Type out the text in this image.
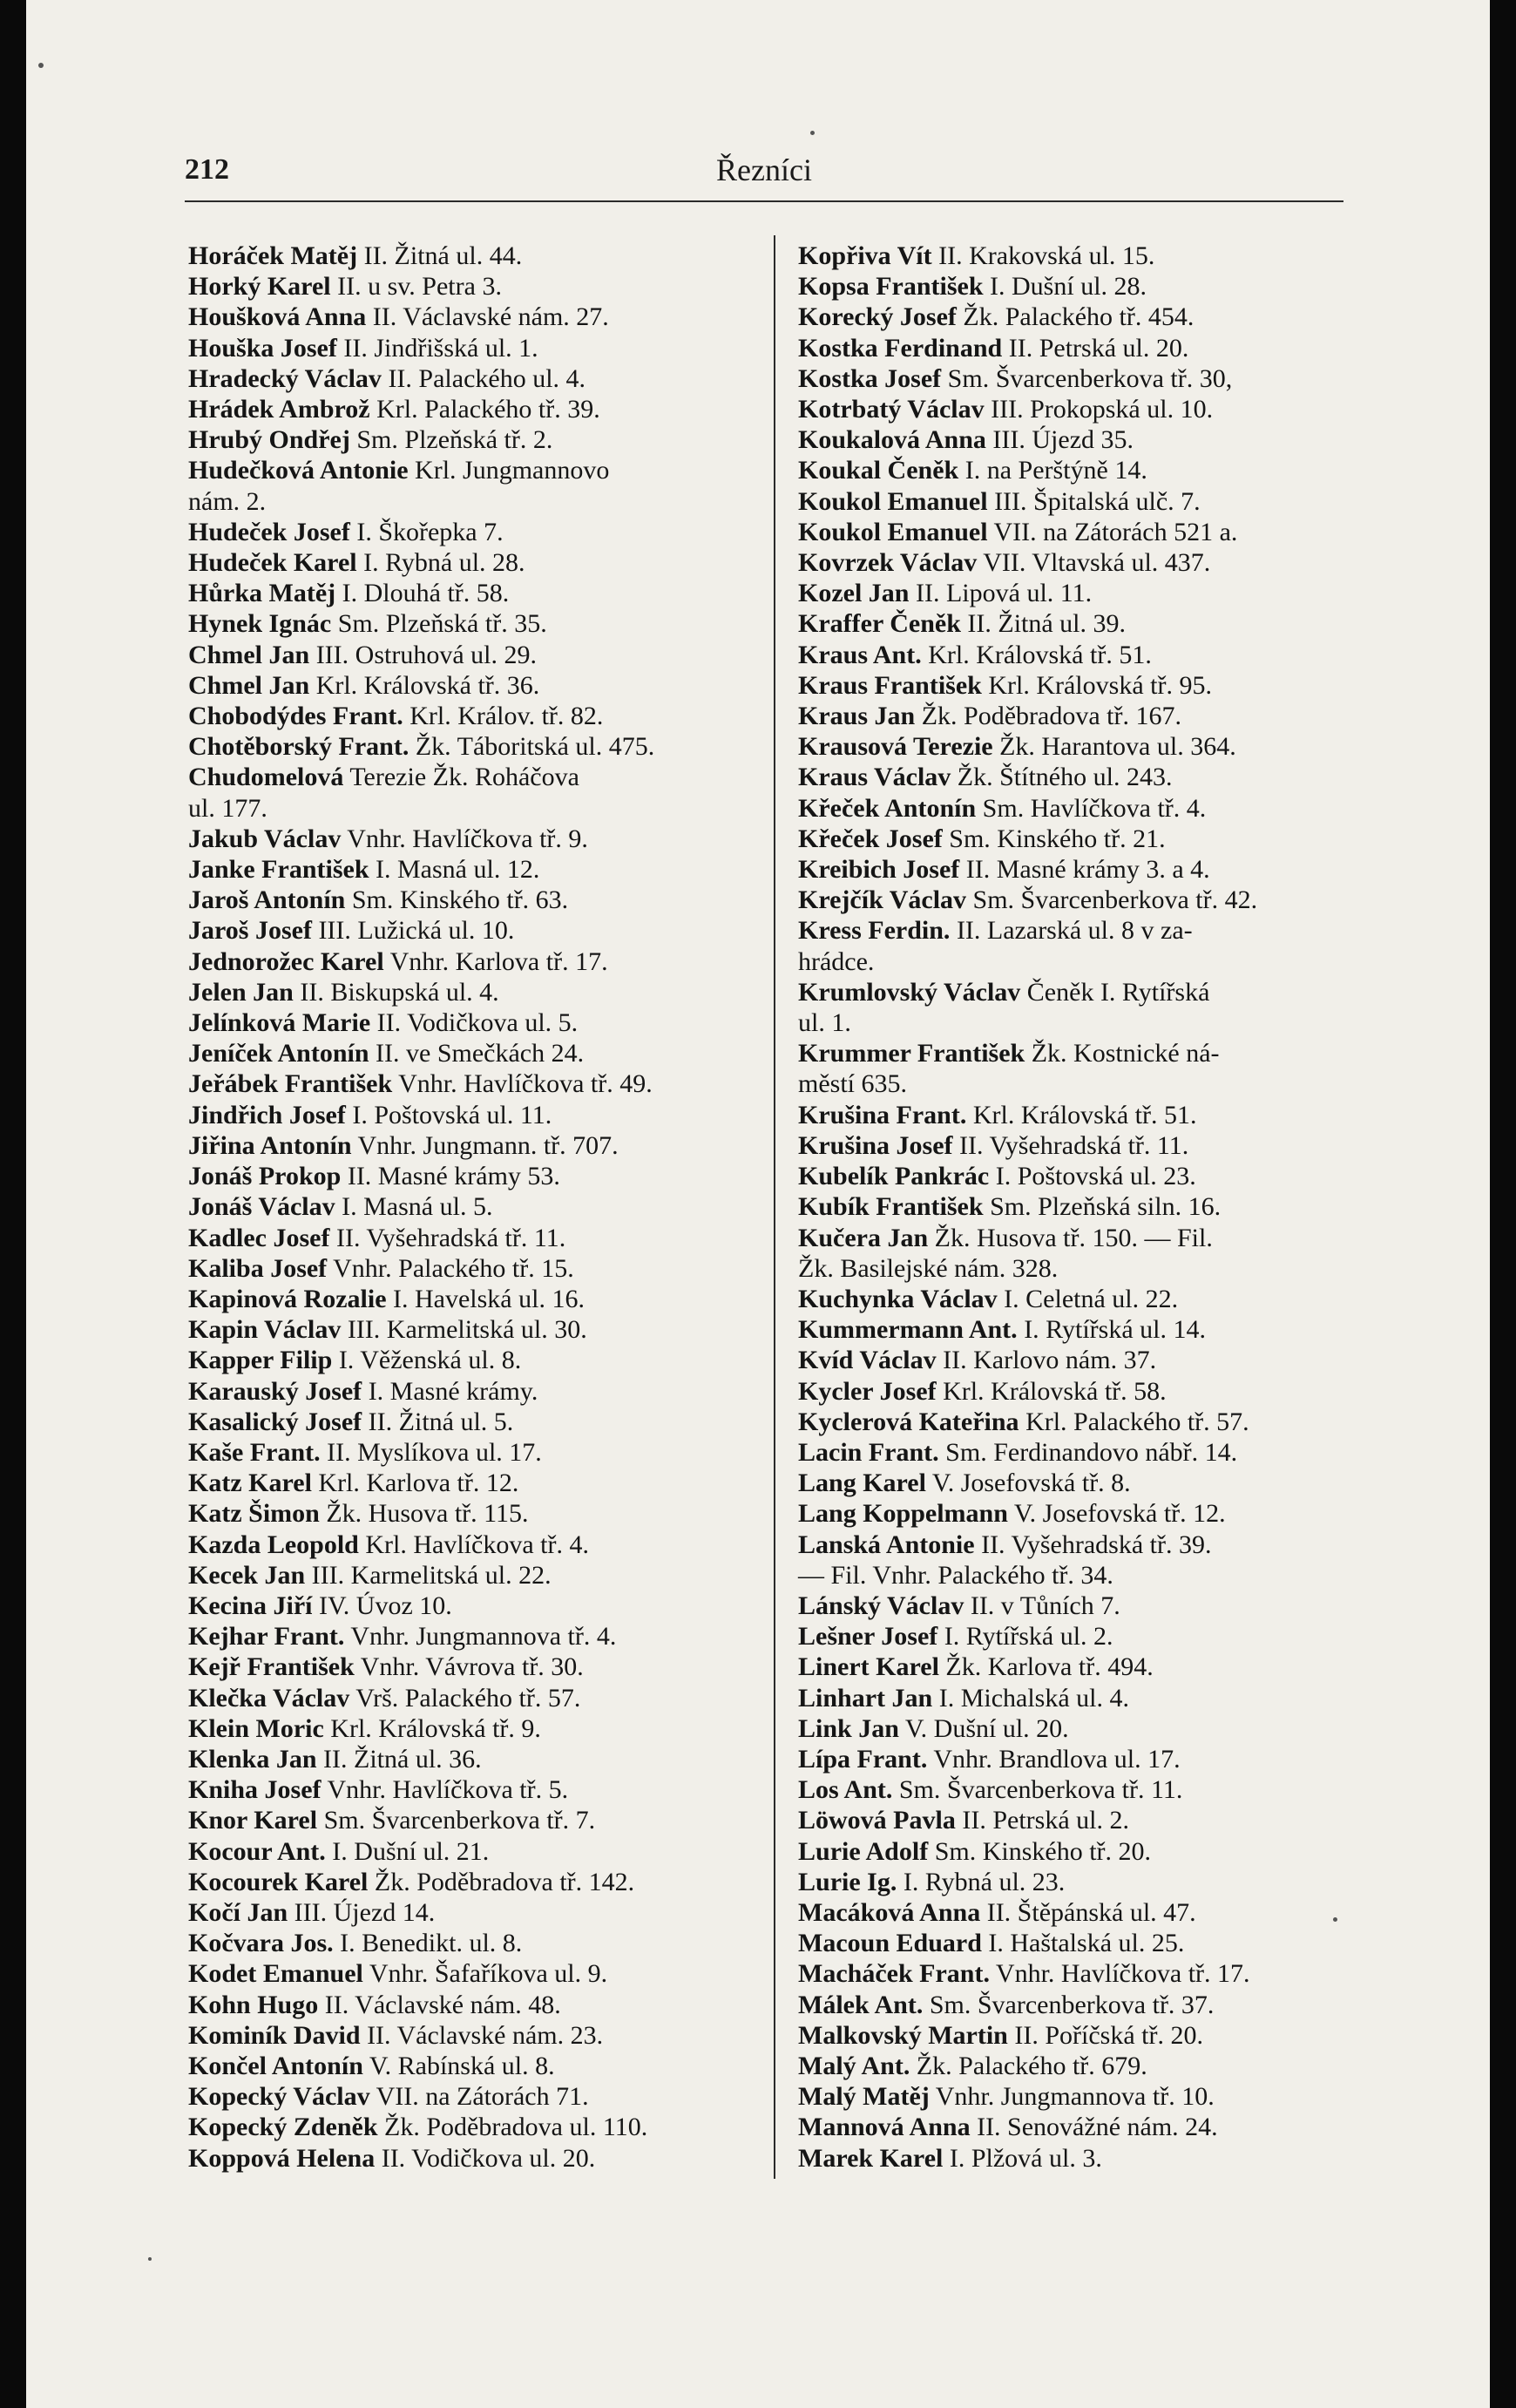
212	Řezníci
Horáček Matěj II. Žitná ul. 44.
Horký Karel II. u sv. Petra 3.
Houšková Anna II. Václavské nám. 27.
Houška Josef II. Jindřišská ul. 1.
Hradecký Václav II. Palackého ul. 4.
Hrádek Ambrož Krl. Palackého tř. 39.
Hrubý Ondřej Sm. Plzeňská tř. 2.
Hudečková Antonie Krl. Jungmannovo
nám. 2.
Hudeček Josef I. Škořepka 7.
Hudeček Karel I. Rybná ul. 28.
Hůrka Matěj I. Dlouhá tř. 58.
Hynek Ignác Sm. Plzeňská tř. 35.
Chmel Jan III. Ostruhová ul. 29.
Chmel Jan Krl. Královská tř. 36.
Chobodýdes Frant. Krl. Králov. tř. 82.
Chotěborský Frant. Žk. Táboritská ul. 475.
Chudomelová Terezie Žk. Roháčova
ul. 177.
Jakub Václav Vnhr. Havlíčkova tř. 9.
Janke František I. Masná ul. 12.
Jaroš Antonín Sm. Kinského tř. 63.
Jaroš Josef III. Lužická ul. 10.
Jednorožec Karel Vnhr. Karlova tř. 17.
Jelen Jan II. Biskupská ul. 4.
Jelínková Marie II. Vodičkova ul. 5.
Jeníček Antonín II. ve Smečkách 24.
Jeřábek František Vnhr. Havlíčkova tř. 49.
Jindřich Josef I. Poštovská ul. 11.
Jiřina Antonín Vnhr. Jungmann. tř. 707.
Jonáš Prokop II. Masné krámy 53.
Jonáš Václav I. Masná ul. 5.
Kadlec Josef II. Vyšehradská tř. 11.
Kaliba Josef Vnhr. Palackého tř. 15.
Kapinová Rozalie I. Havelská ul. 16.
Kapin Václav III. Karmelitská ul. 30.
Kapper Filip I. Věženská ul. 8.
Karauský Josef I. Masné krámy.
Kasalický Josef II. Žitná ul. 5.
Kaše Frant. II. Myslíkova ul. 17.
Katz Karel Krl. Karlova tř. 12.
Katz Šimon Žk. Husova tř. 115.
Kazda Leopold Krl. Havlíčkova tř. 4.
Kecek Jan III. Karmelitská ul. 22.
Kecina Jiří IV. Úvoz 10.
Kejhar Frant. Vnhr. Jungmannova tř. 4.
Kejř František Vnhr. Vávrova tř. 30.
Klečka Václav Vrš. Palackého tř. 57.
Klein Moric Krl. Královská tř. 9.
Klenka Jan II. Žitná ul. 36.
Kniha Josef Vnhr. Havlíčkova tř. 5.
Knor Karel Sm. Švarcenberkova tř. 7.
Kocour Ant. I. Dušní ul. 21.
Kocourek Karel Žk. Poděbradova tř. 142.
Kočí Jan III. Újezd 14.
Kočvara Jos. I. Benedikt. ul. 8.
Kodet Emanuel Vnhr. Šafaříkova ul. 9.
Kohn Hugo II. Václavské nám. 48.
Kominík David II. Václavské nám. 23.
Končel Antonín V. Rabínská ul. 8.
Kopecký Václav VII. na Zátorách 71.
Kopecký Zdeněk Žk. Poděbradova ul. 110.
Koppová Helena II. Vodičkova ul. 20.
Kopřiva Vít II. Krakovská ul. 15.
Kopsa František I. Dušní ul. 28.
Korecký Josef Žk. Palackého tř. 454.
Kostka Ferdinand II. Petrská ul. 20.
Kostka Josef Sm. Švarcenberkova tř. 30,
Kotrbatý Václav III. Prokopská ul. 10.
Koukalová Anna III. Újezd 35.
Koukal Čeněk I. na Perštýně 14.
Koukol Emanuel III. Špitalská ulč. 7.
Koukol Emanuel VII. na Zátorách 521 a.
Kovrzek Václav VII. Vltavská ul. 437.
Kozel Jan II. Lipová ul. 11.
Kraffer Čeněk II. Žitná ul. 39.
Kraus Ant. Krl. Královská tř. 51.
Kraus František Krl. Královská tř. 95.
Kraus Jan Žk. Poděbradova tř. 167.
Krausová Terezie Žk. Harantova ul. 364.
Kraus Václav Žk. Štítného ul. 243.
Křeček Antonín Sm. Havlíčkova tř. 4.
Křeček Josef Sm. Kinského tř. 21.
Kreibich Josef II. Masné krámy 3. a 4.
Krejčík Václav Sm. Švarcenberkova tř. 42.
Kress Ferdin. II. Lazarská ul. 8 v za-
hrádce.
Krumlovský Václav Čeněk I. Rytířská
ul. 1.
Krummer František Žk. Kostnické ná-
městí 635.
Krušina Frant. Krl. Královská tř. 51.
Krušina Josef II. Vyšehradská tř. 11.
Kubelík Pankrác I. Poštovská ul. 23.
Kubík František Sm. Plzeňská siln. 16.
Kučera Jan Žk. Husova tř. 150. — Fil.
Žk. Basilejské nám. 328.
Kuchynka Václav I. Celetná ul. 22.
Kummermann Ant. I. Rytířská ul. 14.
Kvíd Václav II. Karlovo nám. 37.
Kycler Josef Krl. Královská tř. 58.
Kyclerová Kateřina Krl. Palackého tř. 57.
Lacin Frant. Sm. Ferdinandovo nábř. 14.
Lang Karel V. Josefovská tř. 8.
Lang Koppelmann V. Josefovská tř. 12.
Lanská Antonie II. Vyšehradská tř. 39.
— Fil. Vnhr. Palackého tř. 34.
Lánský Václav II. v Tůních 7.
Lešner Josef I. Rytířská ul. 2.
Linert Karel Žk. Karlova tř. 494.
Linhart Jan I. Michalská ul. 4.
Link Jan V. Dušní ul. 20.
Lípa Frant. Vnhr. Brandlova ul. 17.
Los Ant. Sm. Švarcenberkova tř. 11.
Löwová Pavla II. Petrská ul. 2.
Lurie Adolf Sm. Kinského tř. 20.
Lurie Ig. I. Rybná ul. 23.
Macáková Anna II. Štěpánská ul. 47.
Macoun Eduard I. Haštalská ul. 25.
Macháček Frant. Vnhr. Havlíčkova tř. 17.
Málek Ant. Sm. Švarcenberkova tř. 37.
Malkovský Martin II. Poříčská tř. 20.
Malý Ant. Žk. Palackého tř. 679.
Malý Matěj Vnhr. Jungmannova tř. 10.
Mannová Anna II. Senovážné nám. 24.
Marek Karel I. Plžová ul. 3.
